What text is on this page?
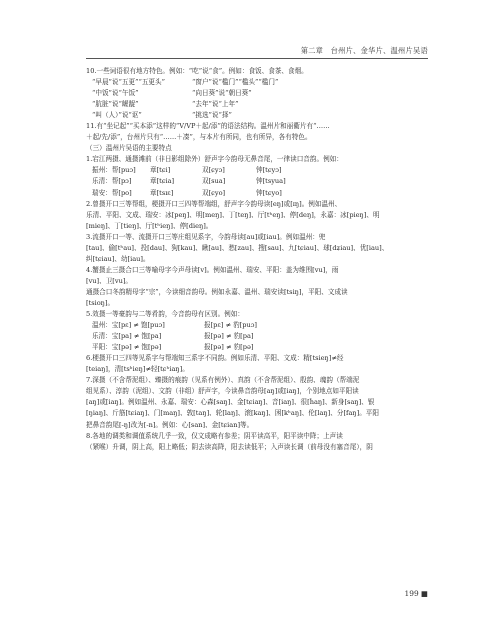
第二章　台州片、金华片、温州片吴语

10.一些词语很有地方特色。例如：“吃”说“食”。例如：食饭、食茶、食烟。

“早晨”说“五更”“五更头”	“窗户”说“槛门”“槛头”“槛门”
“中饭”说“午饭”	“向日葵”说“朝日葵”
“肮脏”说“龌龊”	“去年”说“上年”
“叫（人）”说“讴”	“挑选”说“择”

11.有“坐记起”“买本添”这样的“V/VP＋起/添”的语法结构。温州片和丽衢片有“……

＋起/先/添”，台州片只有“……＋凑”，与本片有所同，也有所异，各有特色。

（三）温州片吴语的主要特点

1.宕江两摄、通摄滩前（非日影组除外）舒声字今韵母无鼻音尾，一律读口音韵。例如：

振州：帮[puɔ]	章[tɕi]	双[ɕyɔ]	钟[tɕyɔ]
乐清：帮[pɔ]	章[tɕia]	双[sua]	钟[tsyua]
瑞安：帮[po]	章[tsɪɛ]	双[ɕyo]	钟[tɕyo]

2.曾摄开口三等帮组，梗摄开口三四等帮端组，舒声字今韵母读[eŋ]或[ɪŋ]。例如温州、

乐清、平阳、文成、瑞安：冰[peŋ]、明[meŋ]、丁[teŋ]、厅[tʰeŋ]、停[deŋ]，永嘉：冰[pieŋ]、明

[mieŋ]、丁[tieŋ]、厅[tʰieŋ]、停[dieŋ]。

3.流摄开口一等、流摄开口三等庄组见系字，今韵母读[au]或[iau]。例如温州：兜

[tau]、偷[tʰau]、投[dau]、狗[kau]、瞅[au]、愁[zau]、搜[sau]、九[tɕiau]、球[dʑiau]、优[iau]、

纠[tɕiau]、幼[iau]。

4.蟹摄止三摄合口三等喻母字今声母读[v]。例如温州、瑞安、平阳：盖为维围[vu]，雨

[vu]、卫[vu]。

通摄合口冬韵精母字“宗”，今读细音韵母。例如永嘉、温州、瑞安读[tsiŋ]，平阳、文成读

[tsioŋ]。

5.效摄一等豪韵与二等肴韵，今音韵母有区别。例如：

温州：宝[pɛ] ≠ 饱[puɔ]	报[pɛ] ≠ 豹[puɔ]
乐清：宝[pa] ≠ 饱[pa]	报[pə] ≠ 豹[pa]
平阳：宝[pə] ≠ 饱[pə]	报[pə] ≠ 豹[pə]

6.梗摄开口三四等见系字与帮端知三系字不同韵。例如乐清、平阳、文成：精[tsieŋ]≠经

[teiaŋ]，清[tsʰieŋ]≠轻[tɕʰiaŋ]。

7.深摄（不含帮泥组）、臻摄的痕韵（见系有例外）、真韵（不含帮泥组）、殷韵、魂韵（帮端泥

组见系）、淳韵（泥组）、文韵（非组）舒声字，今读鼻音韵母[aŋ]或[iaŋ]，个别地点如平阳读

[aŋ]或[iaŋ]。例如温州、永嘉、瑞安：心森[saŋ]、金[tɕiaŋ]、音[iaŋ]、很[ĥaŋ]、新身[saŋ]、银

[ŋiaŋ]、斤筋[tɕiaŋ]、门[maŋ]、敦[taŋ]、轮[laŋ]、滚[kaŋ]、困[kʰaŋ]、伦[laŋ]、分[faŋ]。平阳

把鼻音韵尾[-ŋ]改为[-n]。例如：心[san]、金[tɕian]等。

8.各地的调类和调值系统几乎一致，仅文成略有参差；阴平读高平，阳平读中降；上声读

（紧喉）升调，阴上高，阳上略低；阴去读高降，阳去读低平；入声读长调（前母没有塞音尾），阴

199 ■
